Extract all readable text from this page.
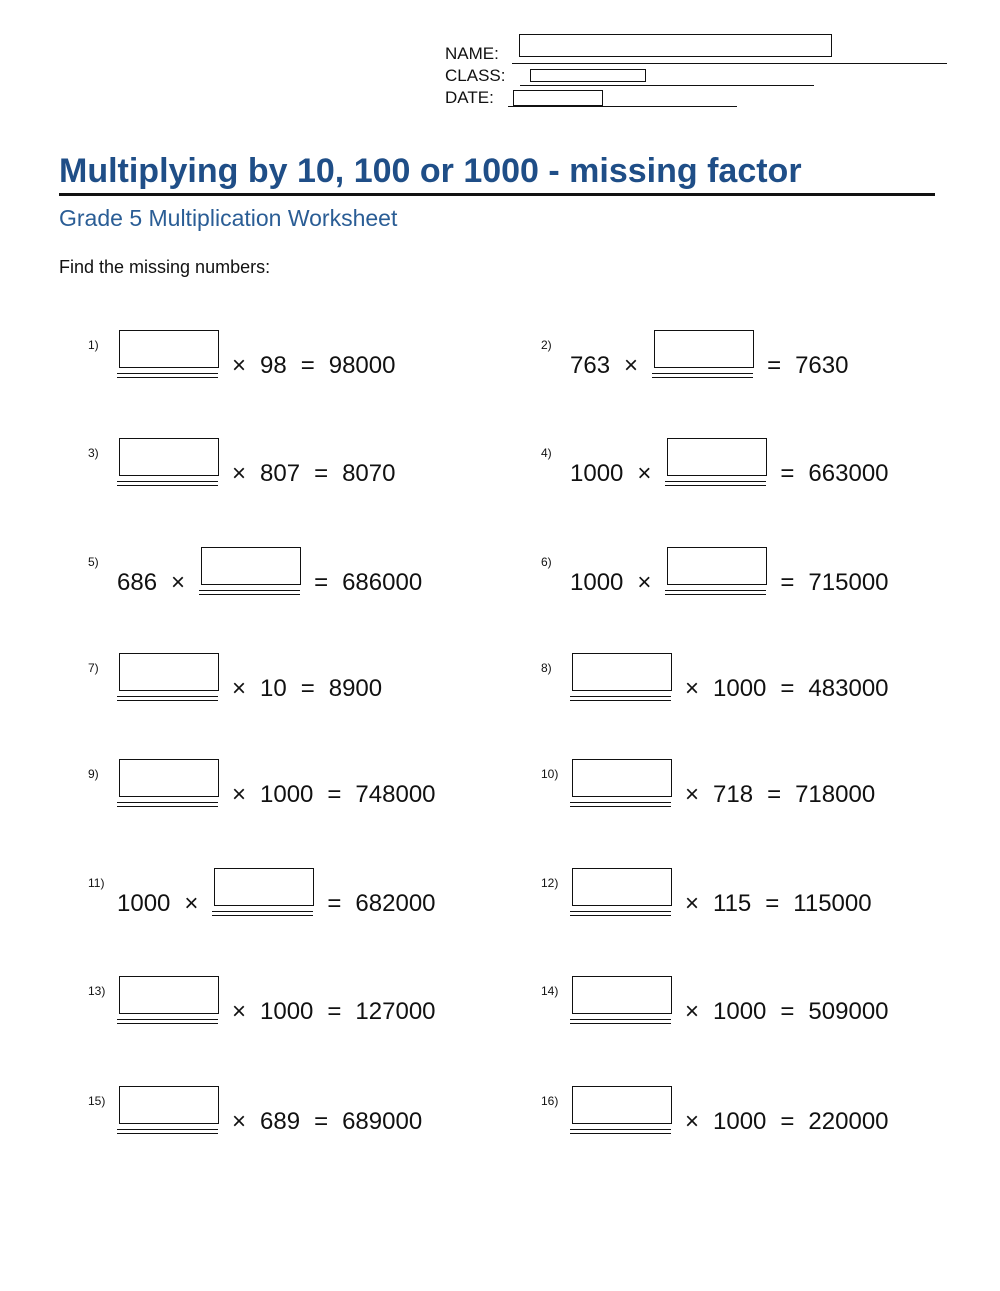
NAME:
CLASS:
DATE:
Multiplying by 10, 100 or 1000 - missing factor
Grade 5 Multiplication Worksheet
Find the missing numbers:
1)
× 98 = 98000
2)
763 ×	= 7630
3)
× 807 = 8070
4)
1000 ×	= 663000
5)
686 ×	= 686000
6)
1000 ×	= 715000
7)
× 10 = 8900
8)
× 1000 = 483000
9)
× 1000 = 748000
10)
× 718 = 718000
11)
1000 ×	= 682000
12)
× 115 = 115000
13)
× 1000 = 127000
14)
× 1000 = 509000
15)
× 689 = 689000
16)
× 1000 = 220000
